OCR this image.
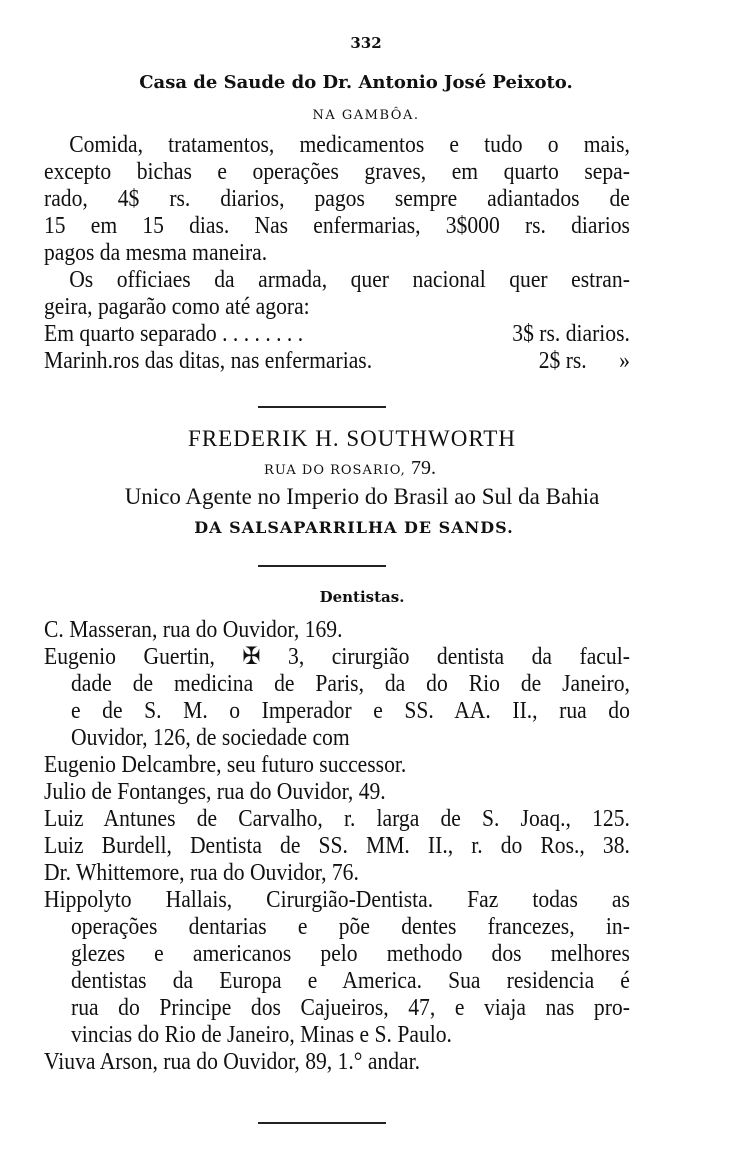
332
Casa de Saude do Dr. Antonio José Peixoto.
NA GAMBÔA.
Comida, tratamentos, medicamentos e tudo o mais,
excepto bichas e operações graves, em quarto sepa-
rado, 4$ rs. diarios, pagos sempre adiantados de
15 em 15 dias. Nas enfermarias, 3$000 rs. diarios
pagos da mesma maneira.
Os officiaes da armada, quer nacional quer estran-
geira, pagarão como até agora:
Em quarto separado . . . . . . . .	3$ rs. diarios.
Marinh.ros das ditas, nas enfermarias.	2$ rs.      »
FREDERIK H. SOUTHWORTH
RUA DO ROSARIO, 79.
Unico Agente no Imperio do Brasil ao Sul da Bahia
DA SALSAPARRILHA DE SANDS.
Dentistas.
C. Masseran, rua do Ouvidor, 169.
Eugenio Guertin, ✠ 3, cirurgião dentista da facul-
dade de medicina de Paris, da do Rio de Janeiro,
e de S. M. o Imperador e SS. AA. II., rua do
Ouvidor, 126, de sociedade com
Eugenio Delcambre, seu futuro successor.
Julio de Fontanges, rua do Ouvidor, 49.
Luiz Antunes de Carvalho, r. larga de S. Joaq., 125.
Luiz Burdell, Dentista de SS. MM. II., r. do Ros., 38.
Dr. Whittemore, rua do Ouvidor, 76.
Hippolyto Hallais, Cirurgião-Dentista. Faz todas as
operações dentarias e põe dentes francezes, in-
glezes e americanos pelo methodo dos melhores
dentistas da Europa e America. Sua residencia é
rua do Principe dos Cajueiros, 47, e viaja nas pro-
vincias do Rio de Janeiro, Minas e S. Paulo.
Viuva Arson, rua do Ouvidor, 89, 1.° andar.
